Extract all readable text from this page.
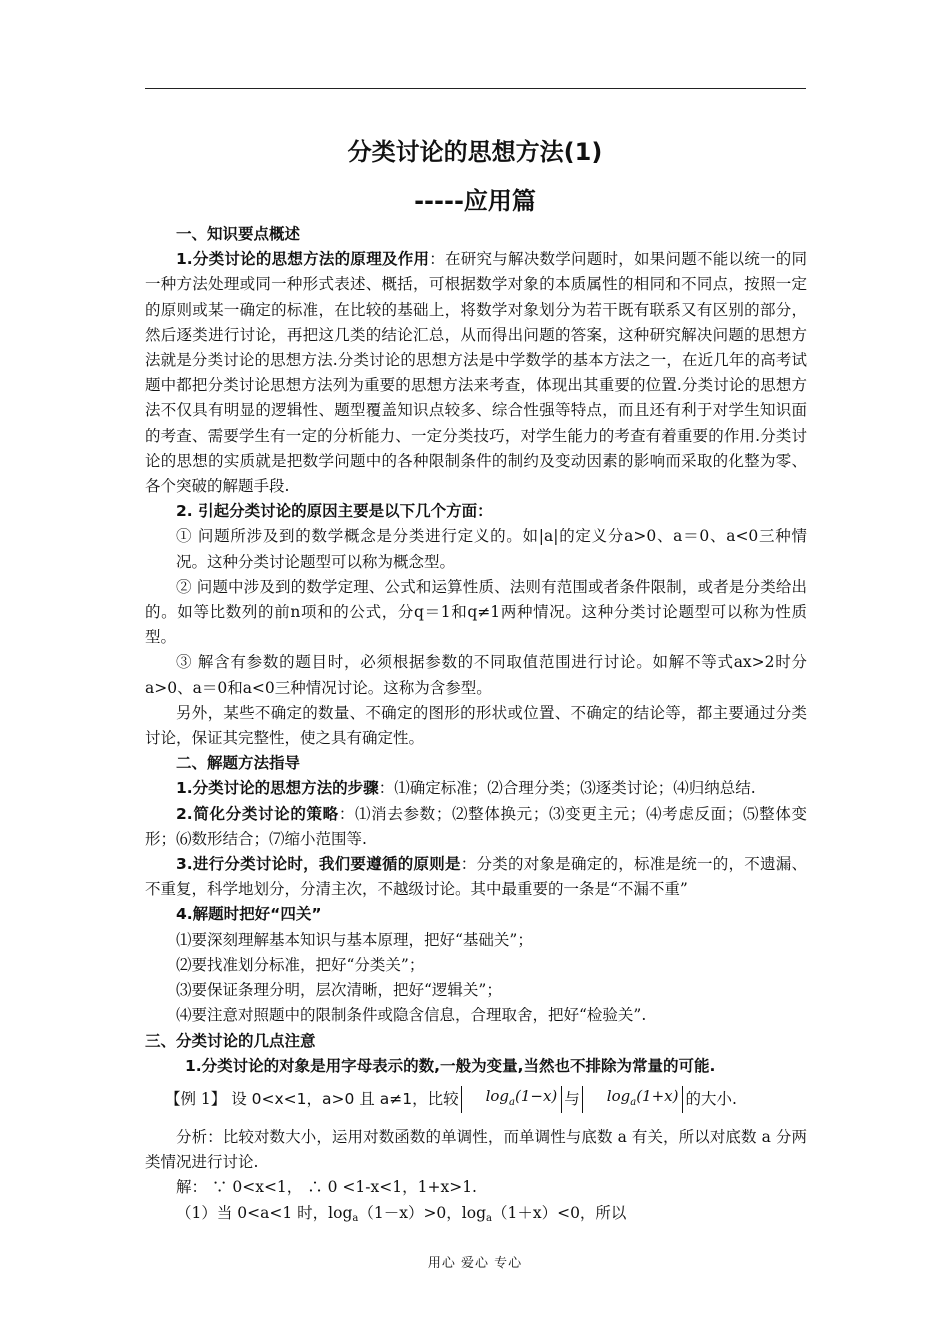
分类讨论的思想方法(1)
-----应用篇

一、知识要点概述

1.分类讨论的思想方法的原理及作用：在研究与解决数学问题时，如果问题不能以统一的同一种方法处理或同一种形式表述、概括，可根据数学对象的本质属性的相同和不同点，按照一定的原则或某一确定的标准，在比较的基础上，将数学对象划分为若干既有联系又有区别的部分，然后逐类进行讨论，再把这几类的结论汇总，从而得出问题的答案，这种研究解决问题的思想方法就是分类讨论的思想方法.分类讨论的思想方法是中学数学的基本方法之一，在近几年的高考试题中都把分类讨论思想方法列为重要的思想方法来考查，体现出其重要的位置.分类讨论的思想方法不仅具有明显的逻辑性、题型覆盖知识点较多、综合性强等特点，而且还有利于对学生知识面的考查、需要学生有一定的分析能力、一定分类技巧，对学生能力的考查有着重要的作用.分类讨论的思想的实质就是把数学问题中的各种限制条件的制约及变动因素的影响而采取的化整为零、各个突破的解题手段.

2. 引起分类讨论的原因主要是以下几个方面：

① 问题所涉及到的数学概念是分类进行定义的。如|a|的定义分a>0、a＝0、a<0三种情况。这种分类讨论题型可以称为概念型。

② 问题中涉及到的数学定理、公式和运算性质、法则有范围或者条件限制，或者是分类给出的。如等比数列的前n项和的公式，分q＝1和q≠1两种情况。这种分类讨论题型可以称为性质型。

③ 解含有参数的题目时，必须根据参数的不同取值范围进行讨论。如解不等式ax>2时分a>0、a＝0和a<0三种情况讨论。这称为含参型。

另外，某些不确定的数量、不确定的图形的形状或位置、不确定的结论等，都主要通过分类讨论，保证其完整性，使之具有确定性。

二、解题方法指导

1.分类讨论的思想方法的步骤：⑴确定标准；⑵合理分类；⑶逐类讨论；⑷归纳总结.

2.简化分类讨论的策略：⑴消去参数；⑵整体换元；⑶变更主元；⑷考虑反面；⑸整体变形；⑹数形结合；⑺缩小范围等.

3.进行分类讨论时，我们要遵循的原则是：分类的对象是确定的，标准是统一的，不遗漏、不重复，科学地划分，分清主次，不越级讨论。其中最重要的一条是“不漏不重”

4.解题时把好“四关”

⑴要深刻理解基本知识与基本原理，把好“基础关”；

⑵要找准划分标准，把好“分类关”；

⑶要保证条理分明，层次清晰，把好“逻辑关”；

⑷要注意对照题中的限制条件或隐含信息，合理取舍，把好“检验关”.

三、分类讨论的几点注意

1.分类讨论的对象是用字母表示的数,一般为变量,当然也不排除为常量的可能.

【例 1】 设 0<x<1，a>0 且 a≠1，比较 $\log_a(1-x)$ 与 $\log_a(1+x)$ 的大小.

分析：比较对数大小，运用对数函数的单调性，而单调性与底数 a 有关，所以对底数 a 分两类情况进行讨论.

解： ∵ 0<x<1， ∴ 0 <1-x<1，1+x>1.

（1）当 0<a<1 时，loga（1－x）>0，loga（1＋x）<0，所以

用心 爱心 专心
